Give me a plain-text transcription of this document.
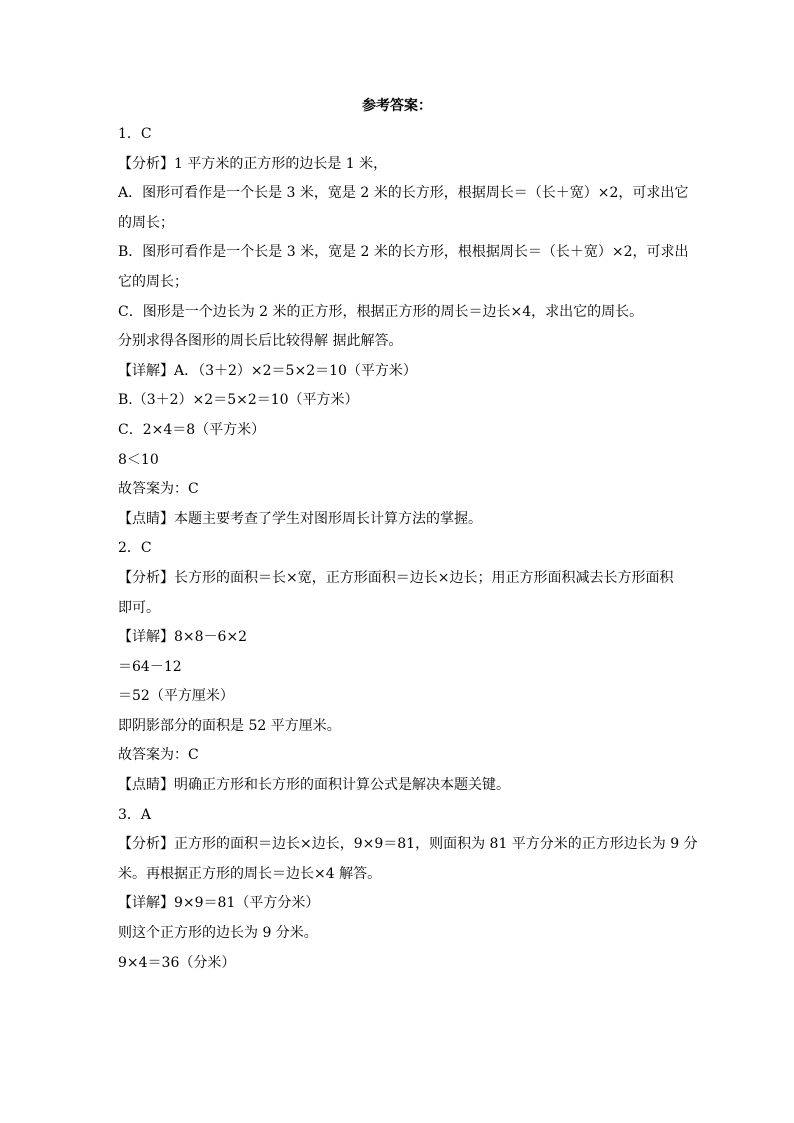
参考答案：
1．C
【分析】1 平方米的正方形的边长是 1 米，
A．图形可看作是一个长是 3 米，宽是 2 米的长方形，根据周长＝（长＋宽）×2，可求出它
的周长；
B．图形可看作是一个长是 3 米，宽是 2 米的长方形，根根据周长＝（长＋宽）×2，可求出
它的周长；
C．图形是一个边长为 2 米的正方形，根据正方形的周长＝边长×4，求出它的周长。
分别求得各图形的周长后比较得解 据此解答。
【详解】A．（3＋2）×2＝5×2＝10（平方米）
B.（3＋2）×2＝5×2＝10（平方米）
C．2×4＝8（平方米）
8＜10
故答案为：C
【点睛】本题主要考查了学生对图形周长计算方法的掌握。
2．C
【分析】长方形的面积＝长×宽，正方形面积＝边长×边长；用正方形面积减去长方形面积
即可。
【详解】8×8－6×2
＝64－12
＝52（平方厘米）
即阴影部分的面积是 52 平方厘米。
故答案为：C
【点睛】明确正方形和长方形的面积计算公式是解决本题关键。
3．A
【分析】正方形的面积＝边长×边长，9×9＝81，则面积为 81 平方分米的正方形边长为 9 分
米。再根据正方形的周长＝边长×4 解答。
【详解】9×9＝81（平方分米）
则这个正方形的边长为 9 分米。
9×4＝36（分米）
